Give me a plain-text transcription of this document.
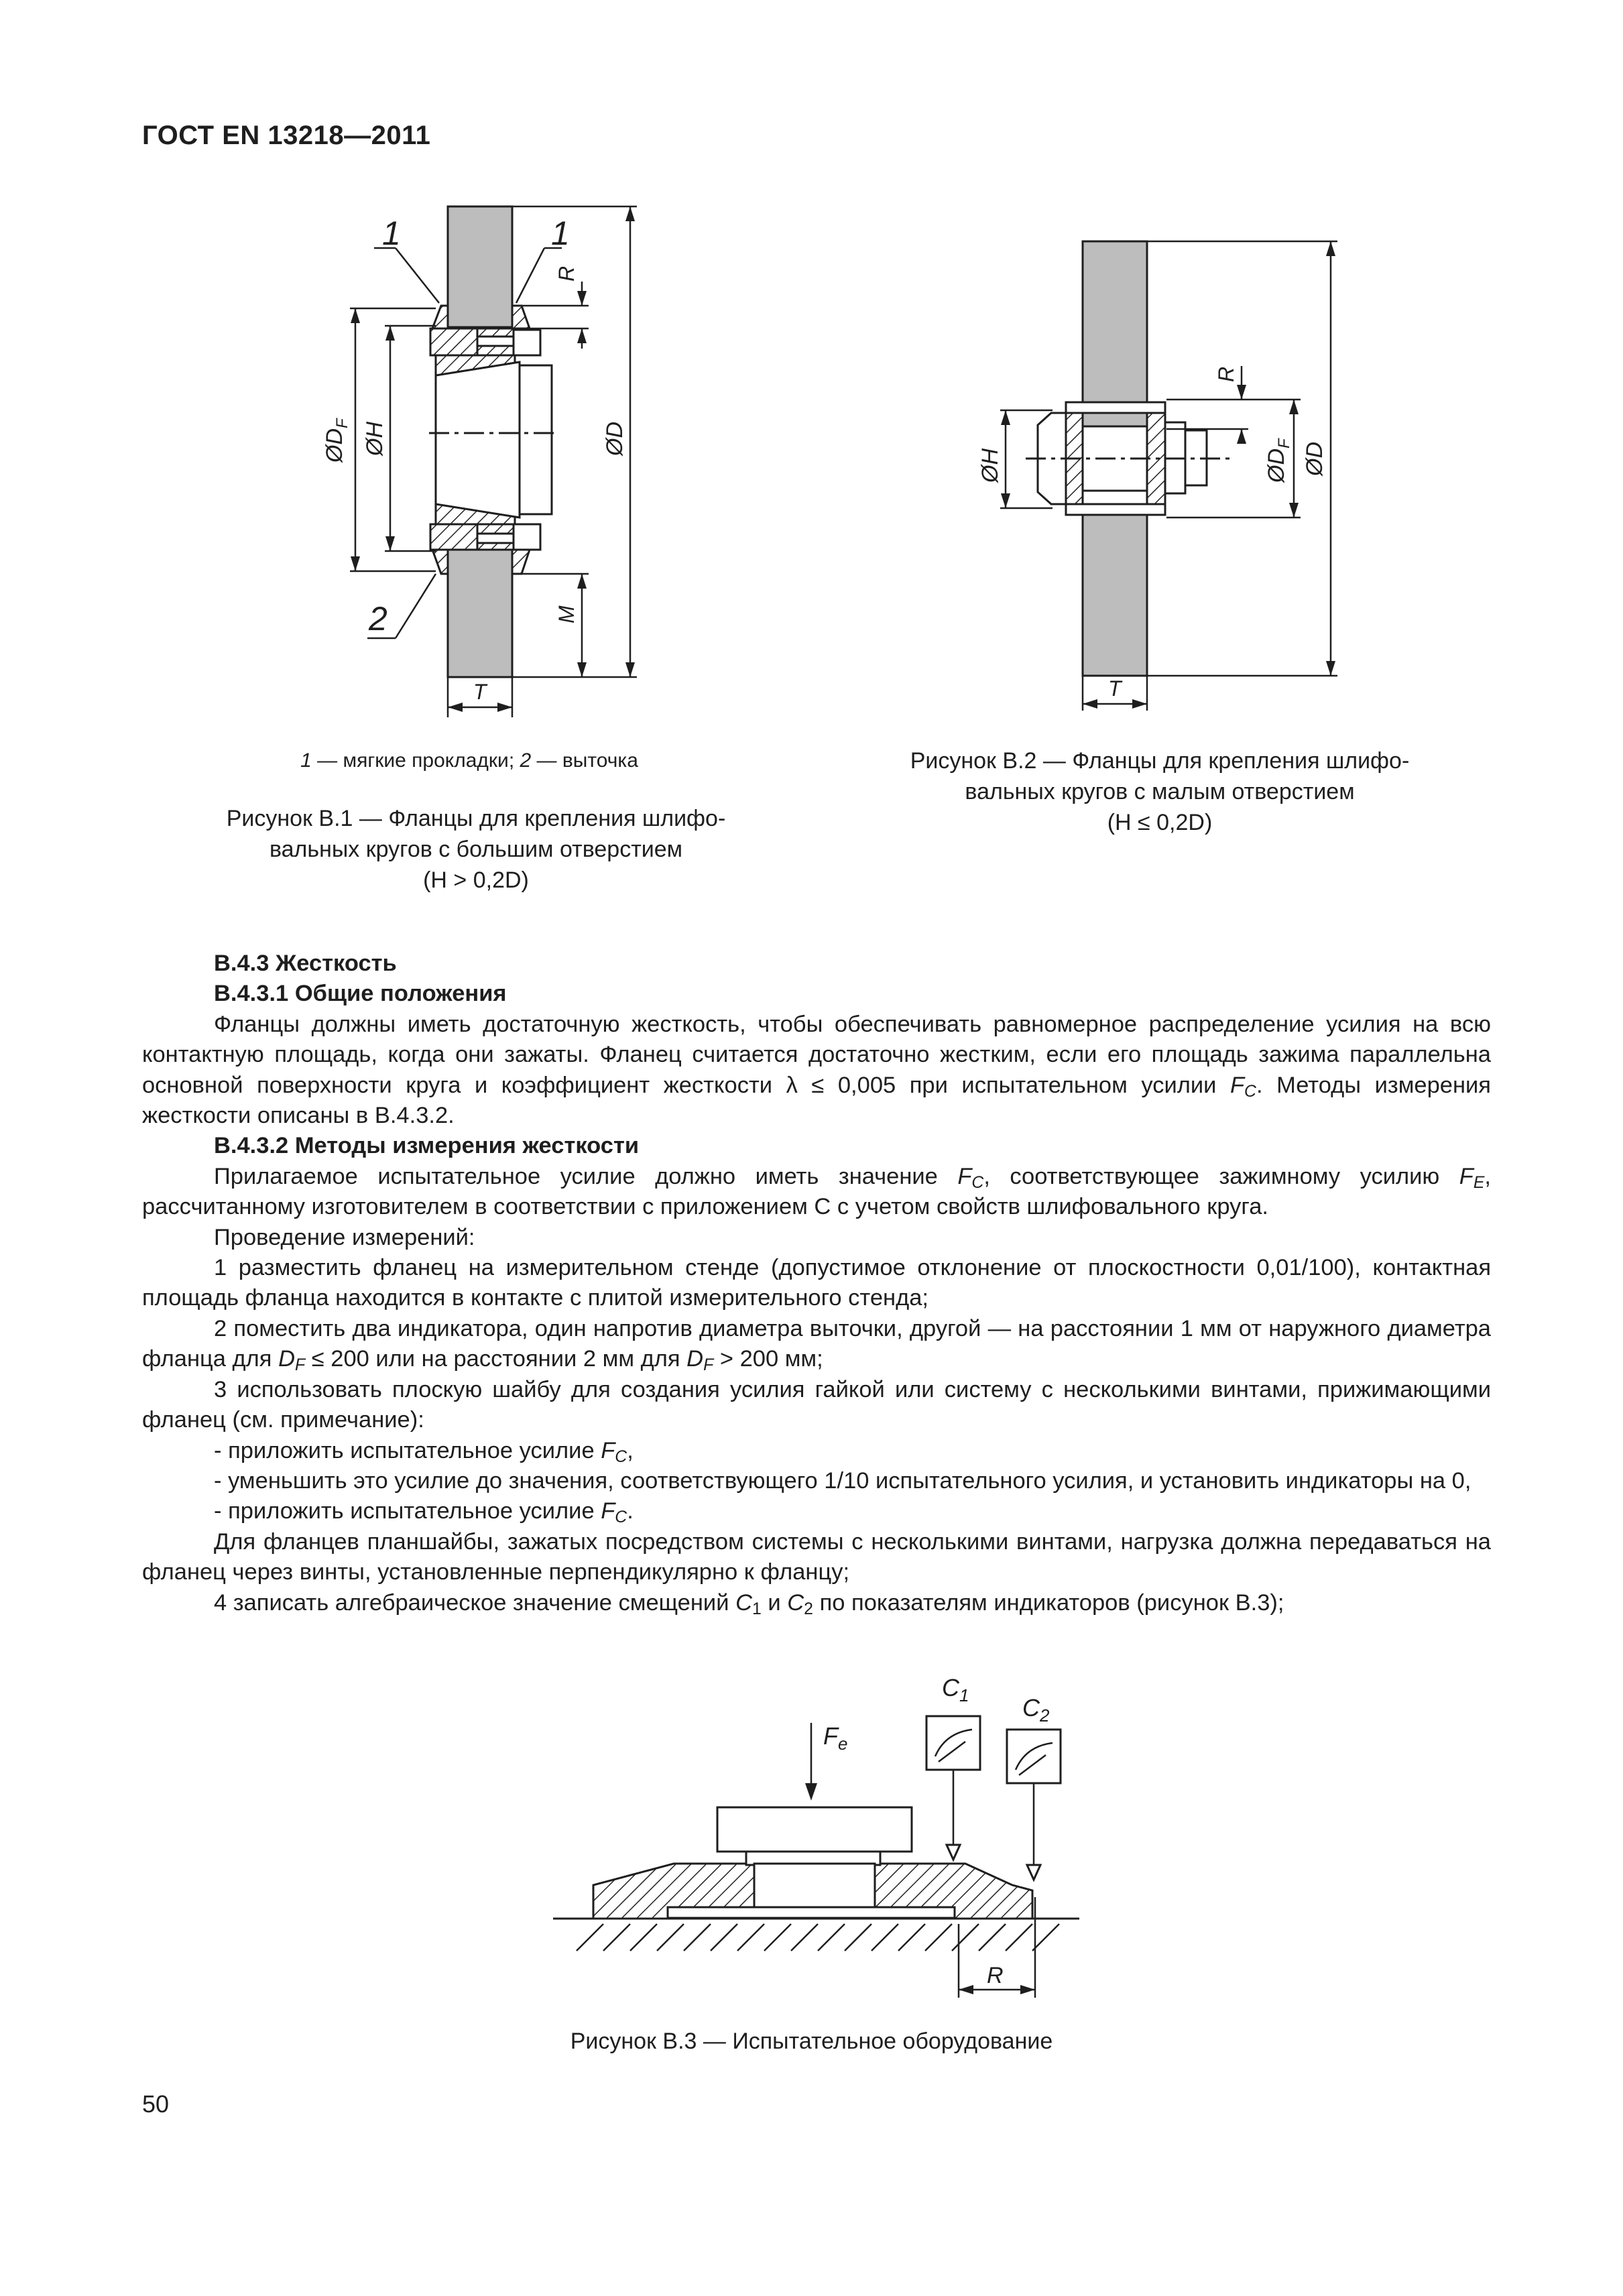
ГОСТ EN 13218—2011
1	1
2
$ØD_F$ ØH	ØD
R
M
T
1 — мягкие прокладки; 2 — выточка
Рисунок В.1 — Фланцы для крепления шлифо-
вальных кругов с большим отверстием
(H > 0,2D)
ØH	$ØD_F$ ØD
R
T
Рисунок В.2 — Фланцы для крепления шлифо-
вальных кругов с малым отверстием
(H ≤ 0,2D)
В.4.3 Жесткость
В.4.3.1 Общие положения
Фланцы должны иметь достаточную жесткость, чтобы обеспечивать равномерное распределение усилия на всю контактную площадь, когда они зажаты. Фланец считается достаточно жестким, если его площадь зажима параллельна основной поверхности круга и коэффициент жесткости λ ≤ 0,005 при испытательном усилии $F_C$. Методы измерения жесткости описаны в В.4.3.2.
В.4.3.2 Методы измерения жесткости
Прилагаемое испытательное усилие должно иметь значение $F_C$, соответствующее зажимному усилию $F_E$, рассчитанному изготовителем в соответствии с приложением С с учетом свойств шлифовального круга.
Проведение измерений:
1 разместить фланец на измерительном стенде (допустимое отклонение от плоскостности 0,01/100), контактная площадь фланца находится в контакте с плитой измерительного стенда;
2 поместить два индикатора, один напротив диаметра выточки, другой — на расстоянии 1 мм от наружного диаметра фланца для $D_F \le 200$ или на расстоянии 2 мм для $D_F > 200$ мм;
3 использовать плоскую шайбу для создания усилия гайкой или систему с несколькими винтами, прижимающими фланец (см. примечание):
- приложить испытательное усилие $F_C$,
- уменьшить это усилие до значения, соответствующего 1/10 испытательного усилия, и установить индикаторы на 0,
- приложить испытательное усилие $F_C$.
Для фланцев планшайбы, зажатых посредством системы с несколькими винтами, нагрузка должна передаваться на фланец через винты, установленные перпендикулярно к фланцу;
4 записать алгебраическое значение смещений $C_1$ и $C_2$ по показателям индикаторов (рисунок В.3);
$C_1$ $C_2$
$F_e$
R
Рисунок В.3 — Испытательное оборудование
50
